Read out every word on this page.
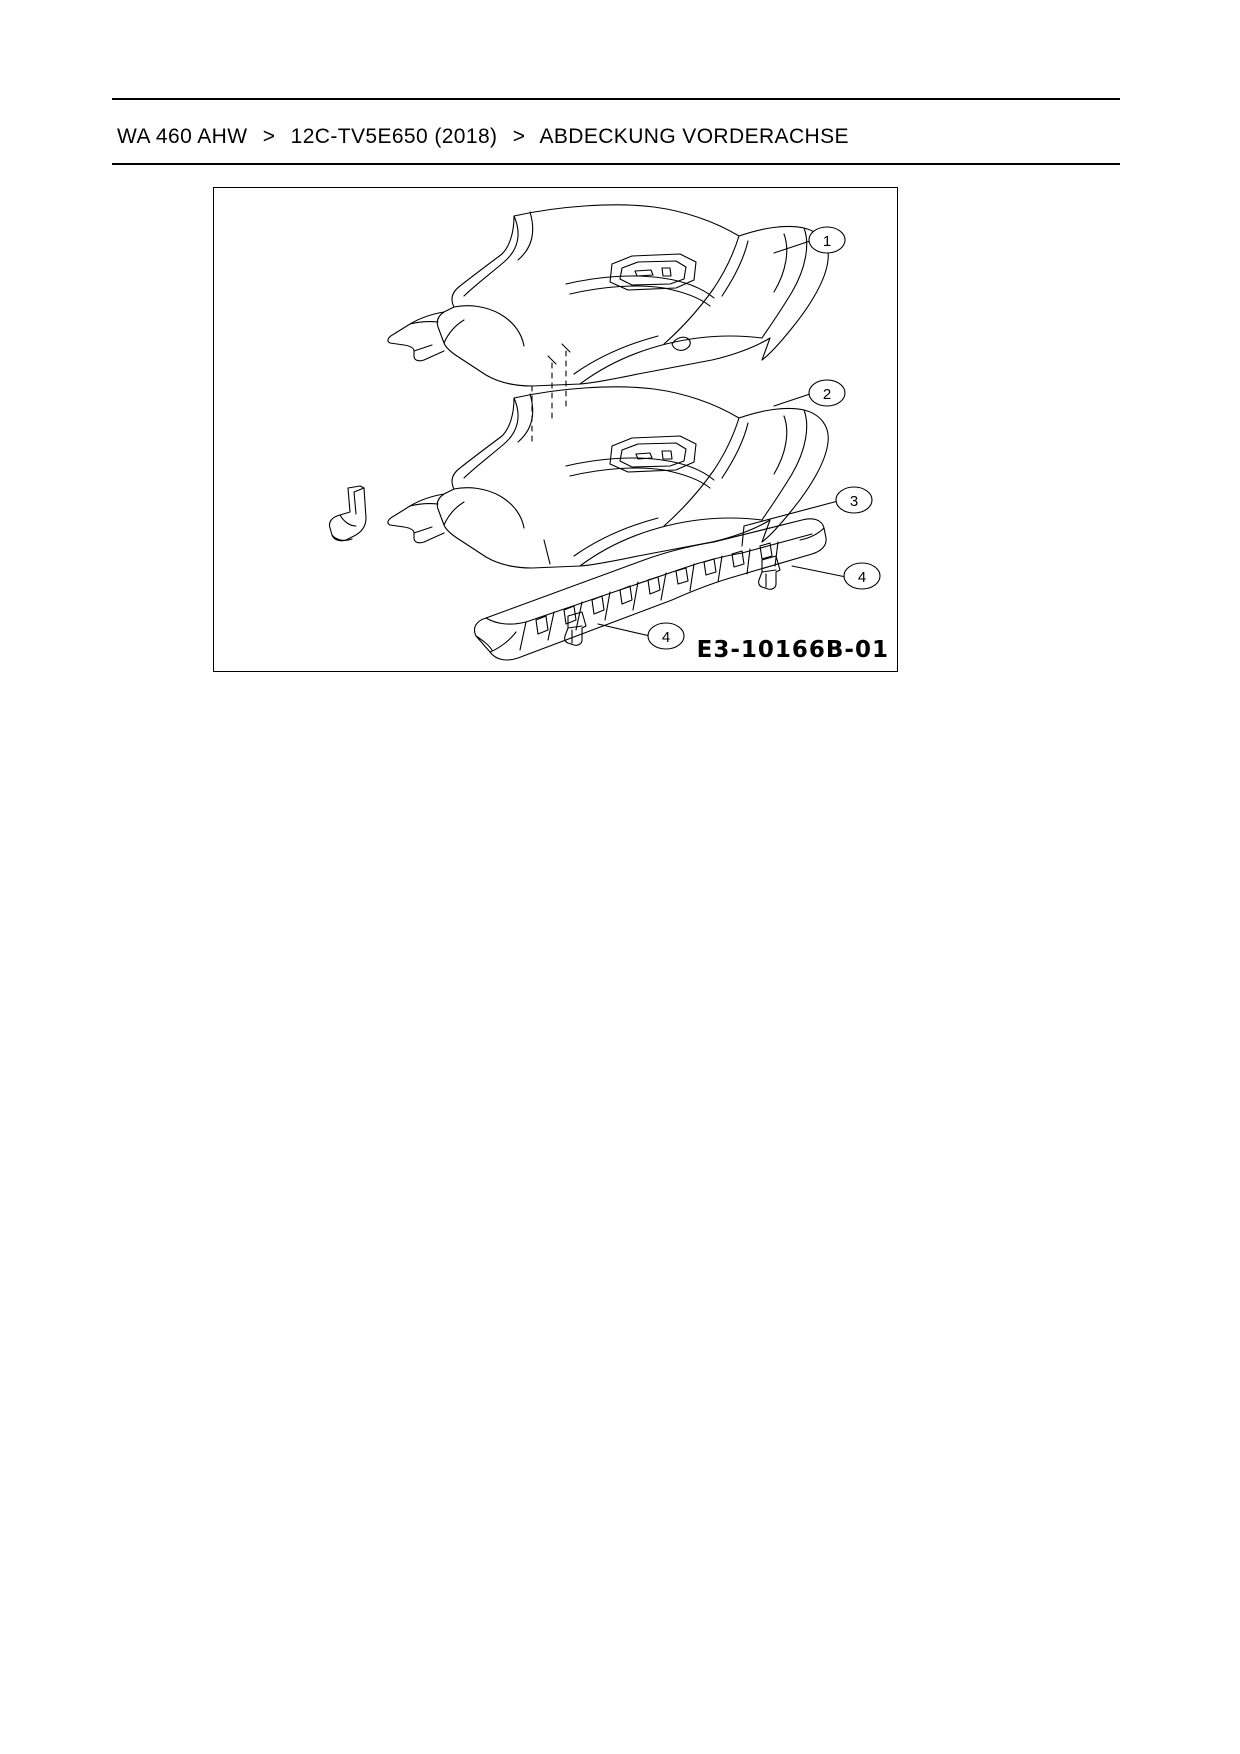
WA 460 AHW > 12C-TV5E650 (2018) > ABDECKUNG VORDERACHSE
1
2
3
4
4 E3-10166B-01
